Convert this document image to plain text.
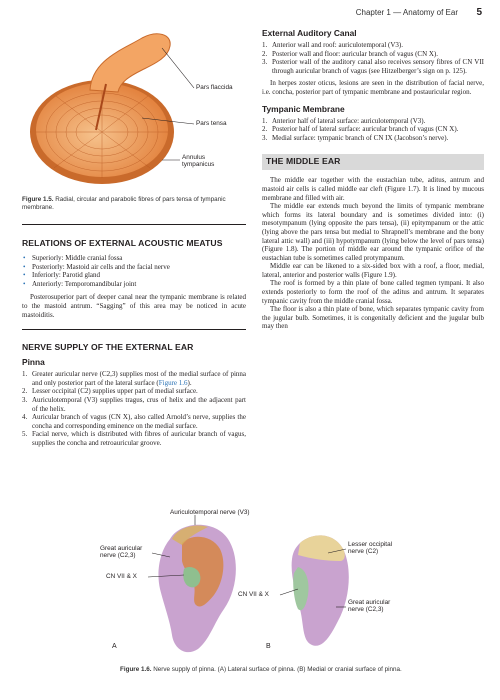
Chapter 1 — Anatomy of Ear 5
Pars flaccida
Pars tensa
Annulus tympanicus
Figure 1.5. Radial, circular and parabolic fibres of pars tensa of tympanic membrane.
RELATIONS OF EXTERNAL ACOUSTIC MEATUS
• Superiorly: Middle cranial fossa
• Posteriorly: Mastoid air cells and the facial nerve
• Inferiorly: Parotid gland
• Anteriorly: Temporomandibular joint

Posterosuperior part of deeper canal near the tympanic membrane is related to the mastoid antrum. “Sagging” of this area may be noticed in acute mastoiditis.

NERVE SUPPLY OF THE EXTERNAL EAR
Pinna
1. Greater auricular nerve (C2,3) supplies most of the medial surface of pinna and only posterior part of the lateral surface (Figure 1.6).
2. Lesser occipital (C2) supplies upper part of medial surface.
3. Auriculotemporal (V3) supplies tragus, crus of helix and the adjacent part of the helix.
4. Auricular branch of vagus (CN X), also called Arnold’s nerve, supplies the concha and corresponding eminence on the medial surface.
5. Facial nerve, which is distributed with fibres of auricular branch of vagus, supplies the concha and retroauricular groove.
External Auditory Canal
1. Anterior wall and roof: auriculotemporal (V3).
2. Posterior wall and floor: auricular branch of vagus (CN X).
3. Posterior wall of the auditory canal also receives sensory fibres of CN VII through auricular branch of vagus (see Hitzelberger’s sign on p. 125).

In herpes zoster oticus, lesions are seen in the distribution of facial nerve, i.e. concha, posterior part of tympanic membrane and postauricular region.

Tympanic Membrane
1. Anterior half of lateral surface: auriculotemporal (V3).
2. Posterior half of lateral surface: auricular branch of vagus (CN X).
3. Medial surface: tympanic branch of CN IX (Jacobson’s nerve).
THE MIDDLE EAR

The middle ear together with the eustachian tube, aditus, antrum and mastoid air cells is called middle ear cleft (Figure 1.7). It is lined by mucous membrane and filled with air.

The middle ear extends much beyond the limits of tympanic membrane which forms its lateral boundary and is sometimes divided into: (i) mesotympanum (lying opposite the pars tensa), (ii) epitympanum or the attic (lying above the pars tensa but medial to Shrapnell’s membrane and the bony lateral attic wall) and (iii) hypotympanum (lying below the level of pars tensa) (Figure 1.8). The portion of middle ear around the tympanic orifice of the eustachian tube is sometimes called protympanum.

Middle ear can be likened to a six-sided box with a roof, a floor, medial, lateral, anterior and posterior walls (Figure 1.9).

The roof is formed by a thin plate of bone called tegmen tympani. It also extends posteriorly to form the roof of the aditus and antrum. It separates tympanic cavity from the middle cranial fossa.

The floor is also a thin plate of bone, which separates tympanic cavity from the jugular bulb. Sometimes, it is congenitally deficient and the jugular bulb may then

Auriculotemporal nerve (V3)
Great auricular nerve (C2,3)
CN VII & X
Lesser occipital nerve (C2)
CN VII & X
Great auricular nerve (C2,3)
A	B
Figure 1.6. Nerve supply of pinna. (A) Lateral surface of pinna. (B) Medial or cranial surface of pinna.
